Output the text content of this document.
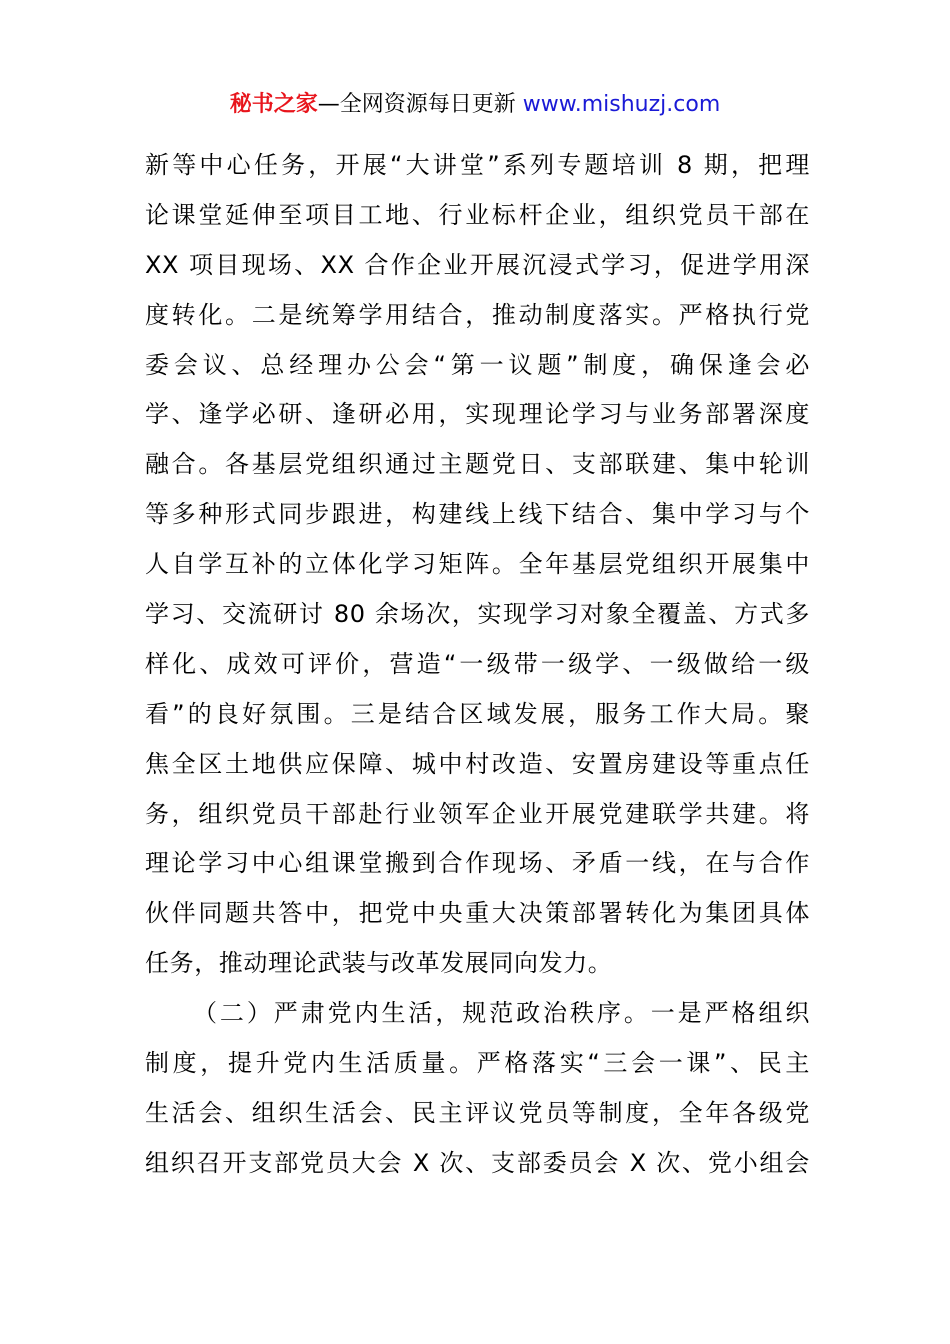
秘书之家—全网资源每日更新 www.mishuzj.com
新等中心任务，开展“大讲堂”系列专题培训 8 期，把理
论课堂延伸至项目工地、行业标杆企业，组织党员干部在
XX 项目现场、XX 合作企业开展沉浸式学习，促进学用深
度转化。二是统筹学用结合，推动制度落实。严格执行党
委会议、总经理办公会“第一议题”制度，确保逢会必
学、逢学必研、逢研必用，实现理论学习与业务部署深度
融合。各基层党组织通过主题党日、支部联建、集中轮训
等多种形式同步跟进，构建线上线下结合、集中学习与个
人自学互补的立体化学习矩阵。全年基层党组织开展集中
学习、交流研讨 80 余场次，实现学习对象全覆盖、方式多
样化、成效可评价，营造“一级带一级学、一级做给一级
看”的良好氛围。三是结合区域发展，服务工作大局。聚
焦全区土地供应保障、城中村改造、安置房建设等重点任
务，组织党员干部赴行业领军企业开展党建联学共建。将
理论学习中心组课堂搬到合作现场、矛盾一线，在与合作
伙伴同题共答中，把党中央重大决策部署转化为集团具体
任务，推动理论武装与改革发展同向发力。
（二）严肃党内生活，规范政治秩序。一是严格组织
制度，提升党内生活质量。严格落实“三会一课”、民主
生活会、组织生活会、民主评议党员等制度，全年各级党
组织召开支部党员大会 X 次、支部委员会 X 次、党小组会
